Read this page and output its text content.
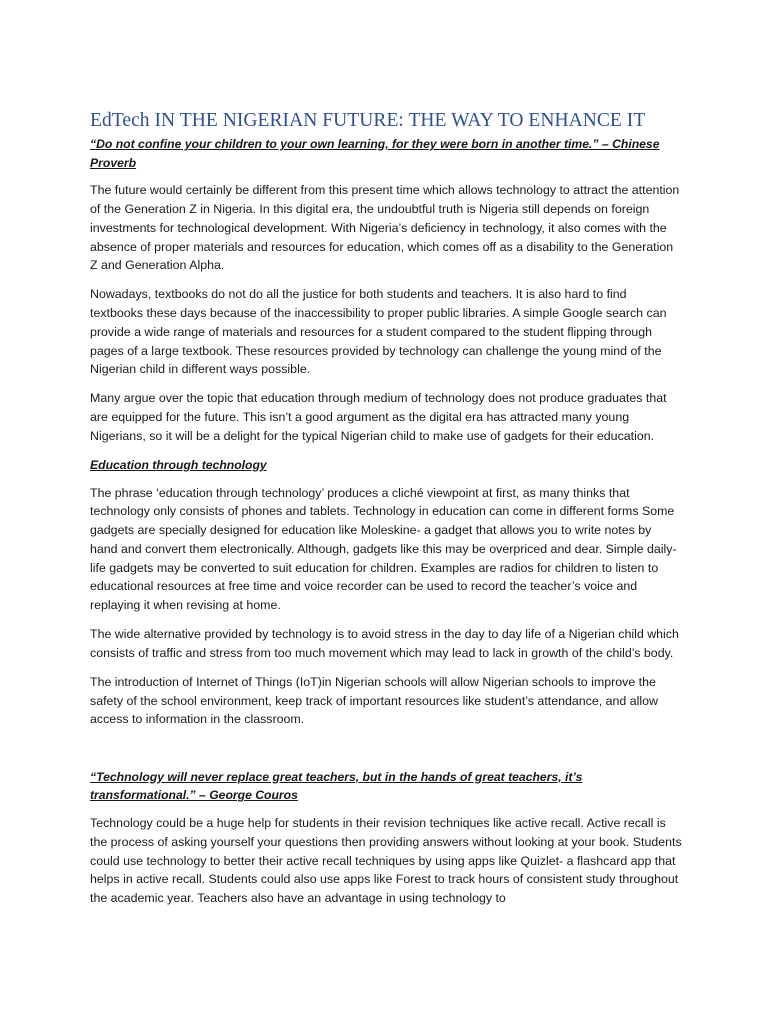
EdTech IN THE NIGERIAN FUTURE: THE WAY TO ENHANCE IT
“Do not confine your children to your own learning, for they were born in another time.” – Chinese Proverb

The future would certainly be different from this present time which allows technology to attract the attention of the Generation Z in Nigeria. In this digital era, the undoubtful truth is Nigeria still depends on foreign investments for technological development. With Nigeria’s deficiency in technology, it also comes with the absence of proper materials and resources for education, which comes off as a disability to the Generation Z and Generation Alpha.

Nowadays, textbooks do not do all the justice for both students and teachers. It is also hard to find textbooks these days because of the inaccessibility to proper public libraries. A simple Google search can provide a wide range of materials and resources for a student compared to the student flipping through pages of a large textbook. These resources provided by technology can challenge the young mind of the Nigerian child in different ways possible.

Many argue over the topic that education through medium of technology does not produce graduates that are equipped for the future. This isn’t a good argument as the digital era has attracted many young Nigerians, so it will be a delight for the typical Nigerian child to make use of gadgets for their education.

Education through technology

The phrase ‘education through technology’ produces a cliché viewpoint at first, as many thinks that technology only consists of phones and tablets. Technology in education can come in different forms Some gadgets are specially designed for education like Moleskine- a gadget that allows you to write notes by hand and convert them electronically. Although, gadgets like this may be overpriced and dear. Simple daily-life gadgets may be converted to suit education for children. Examples are radios for children to listen to educational resources at free time and voice recorder can be used to record the teacher’s voice and replaying it when revising at home.

The wide alternative provided by technology is to avoid stress in the day to day life of a Nigerian child which consists of traffic and stress from too much movement which may lead to lack in growth of the child’s body.

The introduction of Internet of Things (IoT)in Nigerian schools will allow Nigerian schools to improve the safety of the school environment, keep track of important resources like student’s attendance, and allow access to information in the classroom.

“Technology will never replace great teachers, but in the hands of great teachers, it’s transformational.” – George Couros

Technology could be a huge help for students in their revision techniques like active recall. Active recall is the process of asking yourself your questions then providing answers without looking at your book. Students could use technology to better their active recall techniques by using apps like Quizlet- a flashcard app that helps in active recall. Students could also use apps like Forest to track hours of consistent study throughout the academic year. Teachers also have an advantage in using technology to
